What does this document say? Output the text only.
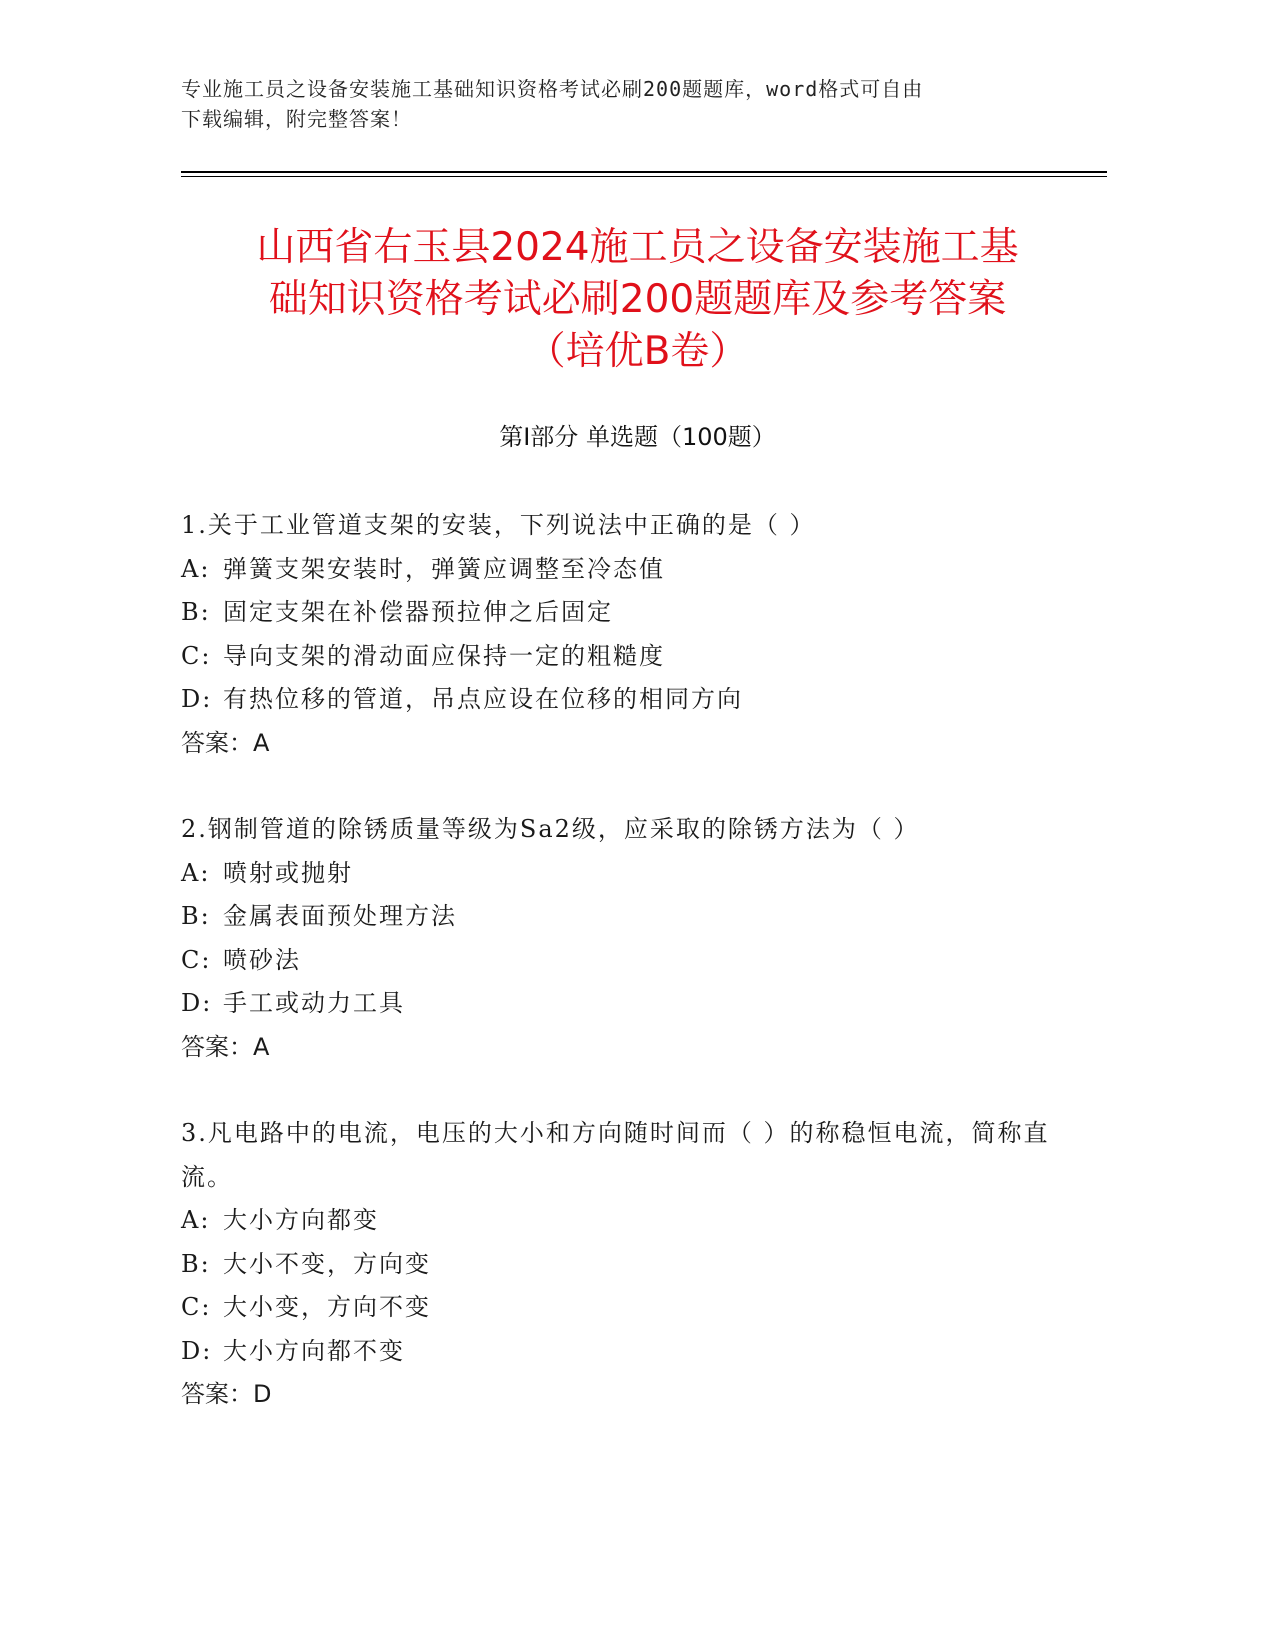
专业施工员之设备安装施工基础知识资格考试必刷200题题库，word格式可自由
下载编辑，附完整答案！
山西省右玉县2024施工员之设备安装施工基
础知识资格考试必刷200题题库及参考答案
（培优B卷）
第I部分 单选题（100题）

1.关于工业管道支架的安装，下列说法中正确的是（ ）

A: 弹簧支架安装时，弹簧应调整至冷态值

B: 固定支架在补偿器预拉伸之后固定

C: 导向支架的滑动面应保持一定的粗糙度

D: 有热位移的管道，吊点应设在位移的相同方向

答案：A

2.钢制管道的除锈质量等级为Sa2级，应采取的除锈方法为（ ）

A: 喷射或抛射

B: 金属表面预处理方法

C: 喷砂法

D: 手工或动力工具

答案：A

3.凡电路中的电流，电压的大小和方向随时间而（ ）的称稳恒电流，简称直流。

A: 大小方向都变

B: 大小不变，方向变

C: 大小变，方向不变

D: 大小方向都不变

答案：D
